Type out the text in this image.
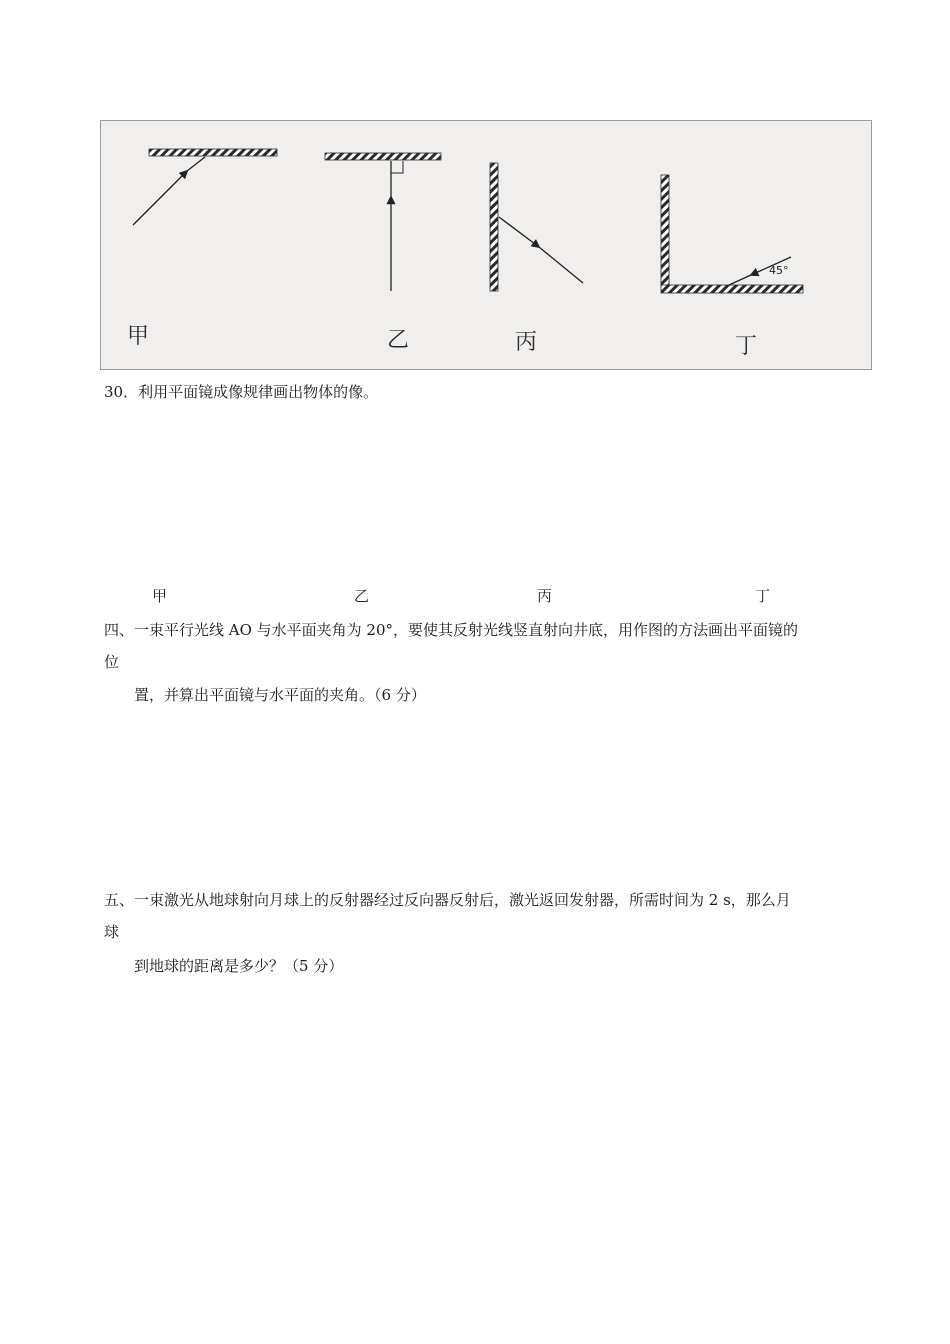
甲	乙	丙	丁
45°
30．利用平面镜成像规律画出物体的像。
甲	乙	丙	丁
四、一束平行光线 AO 与水平面夹角为 20°，要使其反射光线竖直射向井底，用作图的方法画出平面镜的
位
置，并算出平面镜与水平面的夹角。（6 分）
五、一束激光从地球射向月球上的反射器经过反向器反射后，激光返回发射器，所需时间为 2 s，那么月
球
到地球的距离是多少？（5 分）
